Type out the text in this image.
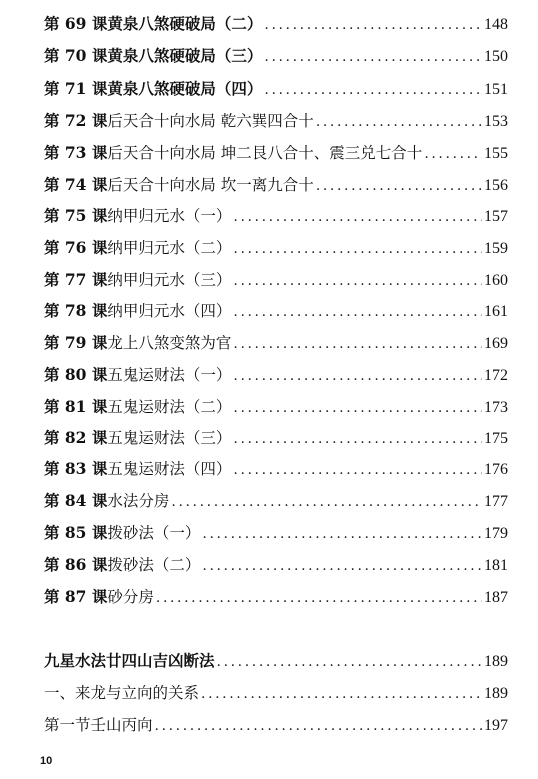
第 69 课 黄泉八煞硬破局（二） .....	148
第 70 课 黄泉八煞硬破局（三） .....	150
第 71 课 黄泉八煞硬破局（四） .....	151
第 72 课 后天合十向水局 乾六巽四合十 .....	153
第 73 课 后天合十向水局 坤二艮八合十、震三兑七合十 .....	155
第 74 课 后天合十向水局 坎一离九合十 .....	156
第 75 课 纳甲归元水（一） .....	157
第 76 课 纳甲归元水（二） .....	159
第 77 课 纳甲归元水（三） .....	160
第 78 课 纳甲归元水（四） .....	161
第 79 课 龙上八煞变煞为官 .....	169
第 80 课 五鬼运财法（一） .....	172
第 81 课 五鬼运财法（二） .....	173
第 82 课 五鬼运财法（三） .....	175
第 83 课 五鬼运财法（四） .....	176
第 84 课 水法分房 .....	177
第 85 课 拨砂法（一） .....	179
第 86 课 拨砂法（二） .....	181
第 87 课 砂分房 .....	187
九星水法廿四山吉凶断法 .....	189
一、来龙与立向的关系 .....	189
第一节 壬山丙向 .....	197
10
